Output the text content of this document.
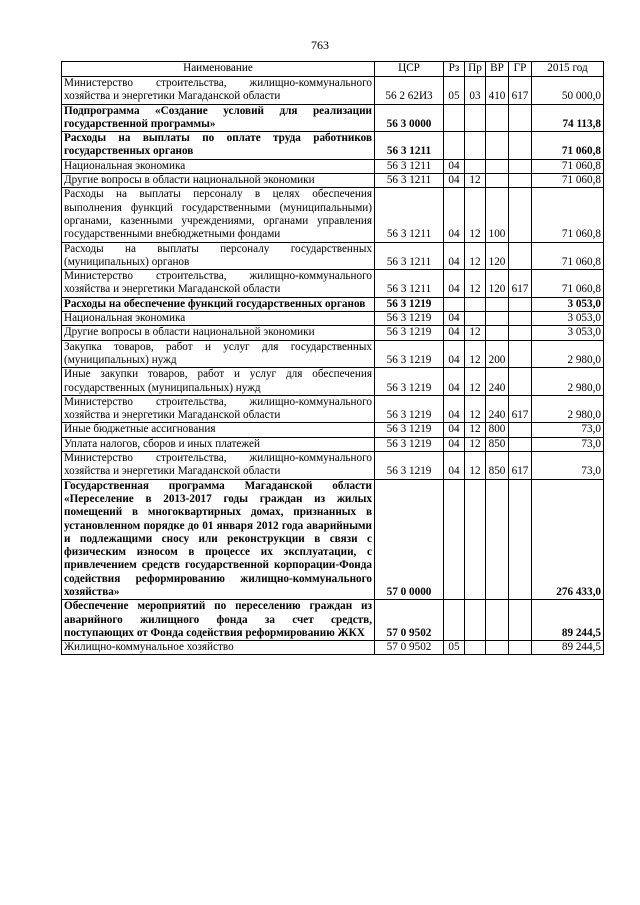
763
Наименование	ЦСР	Рз	Пр	ВР	ГР	2015 год
Министерство строительства, жилищно-коммунального хозяйства и энергетики Магаданской области	56 2 62И3	05	03	410	617	50 000,0
Подпрограмма «Создание условий для реализации государственной программы»	56 3 0000					74 113,8
Расходы на выплаты по оплате труда работников государственных органов	56 3 1211					71 060,8
Национальная экономика	56 3 1211	04				71 060,8
Другие вопросы в области национальной экономики	56 3 1211	04	12			71 060,8
Расходы на выплаты персоналу в целях обеспечения выполнения функций государственными (муниципальными) органами, казенными учреждениями, органами управления государственными внебюджетными фондами	56 3 1211	04	12	100		71 060,8
Расходы на выплаты персоналу государственных (муниципальных) органов	56 3 1211	04	12	120		71 060,8
Министерство строительства, жилищно-коммунального хозяйства и энергетики Магаданской области	56 3 1211	04	12	120	617	71 060,8
Расходы на обеспечение функций государственных органов	56 3 1219					3 053,0
Национальная экономика	56 3 1219	04				3 053,0
Другие вопросы в области национальной экономики	56 3 1219	04	12			3 053,0
Закупка товаров, работ и услуг для государственных (муниципальных) нужд	56 3 1219	04	12	200		2 980,0
Иные закупки товаров, работ и услуг для обеспечения государственных (муниципальных) нужд	56 3 1219	04	12	240		2 980,0
Министерство строительства, жилищно-коммунального хозяйства и энергетики Магаданской области	56 3 1219	04	12	240	617	2 980,0
Иные бюджетные ассигнования	56 3 1219	04	12	800		73,0
Уплата налогов, сборов и иных платежей	56 3 1219	04	12	850		73,0
Министерство строительства, жилищно-коммунального хозяйства и энергетики Магаданской области	56 3 1219	04	12	850	617	73,0
Государственная программа Магаданской области «Переселение в 2013-2017 годы граждан из жилых помещений в многоквартирных домах, признанных в установленном порядке до 01 января 2012 года аварийными и подлежащими сносу или реконструкции в связи с физическим износом в процессе их эксплуатации, с привлечением средств государственной корпорации-Фонда содействия реформированию жилищно-коммунального хозяйства»	57 0 0000					276 433,0
Обеспечение мероприятий по переселению граждан из аварийного жилищного фонда за счет средств, поступающих от Фонда содействия реформированию ЖКХ	57 0 9502					89 244,5
Жилищно-коммунальное хозяйство	57 0 9502	05				89 244,5
